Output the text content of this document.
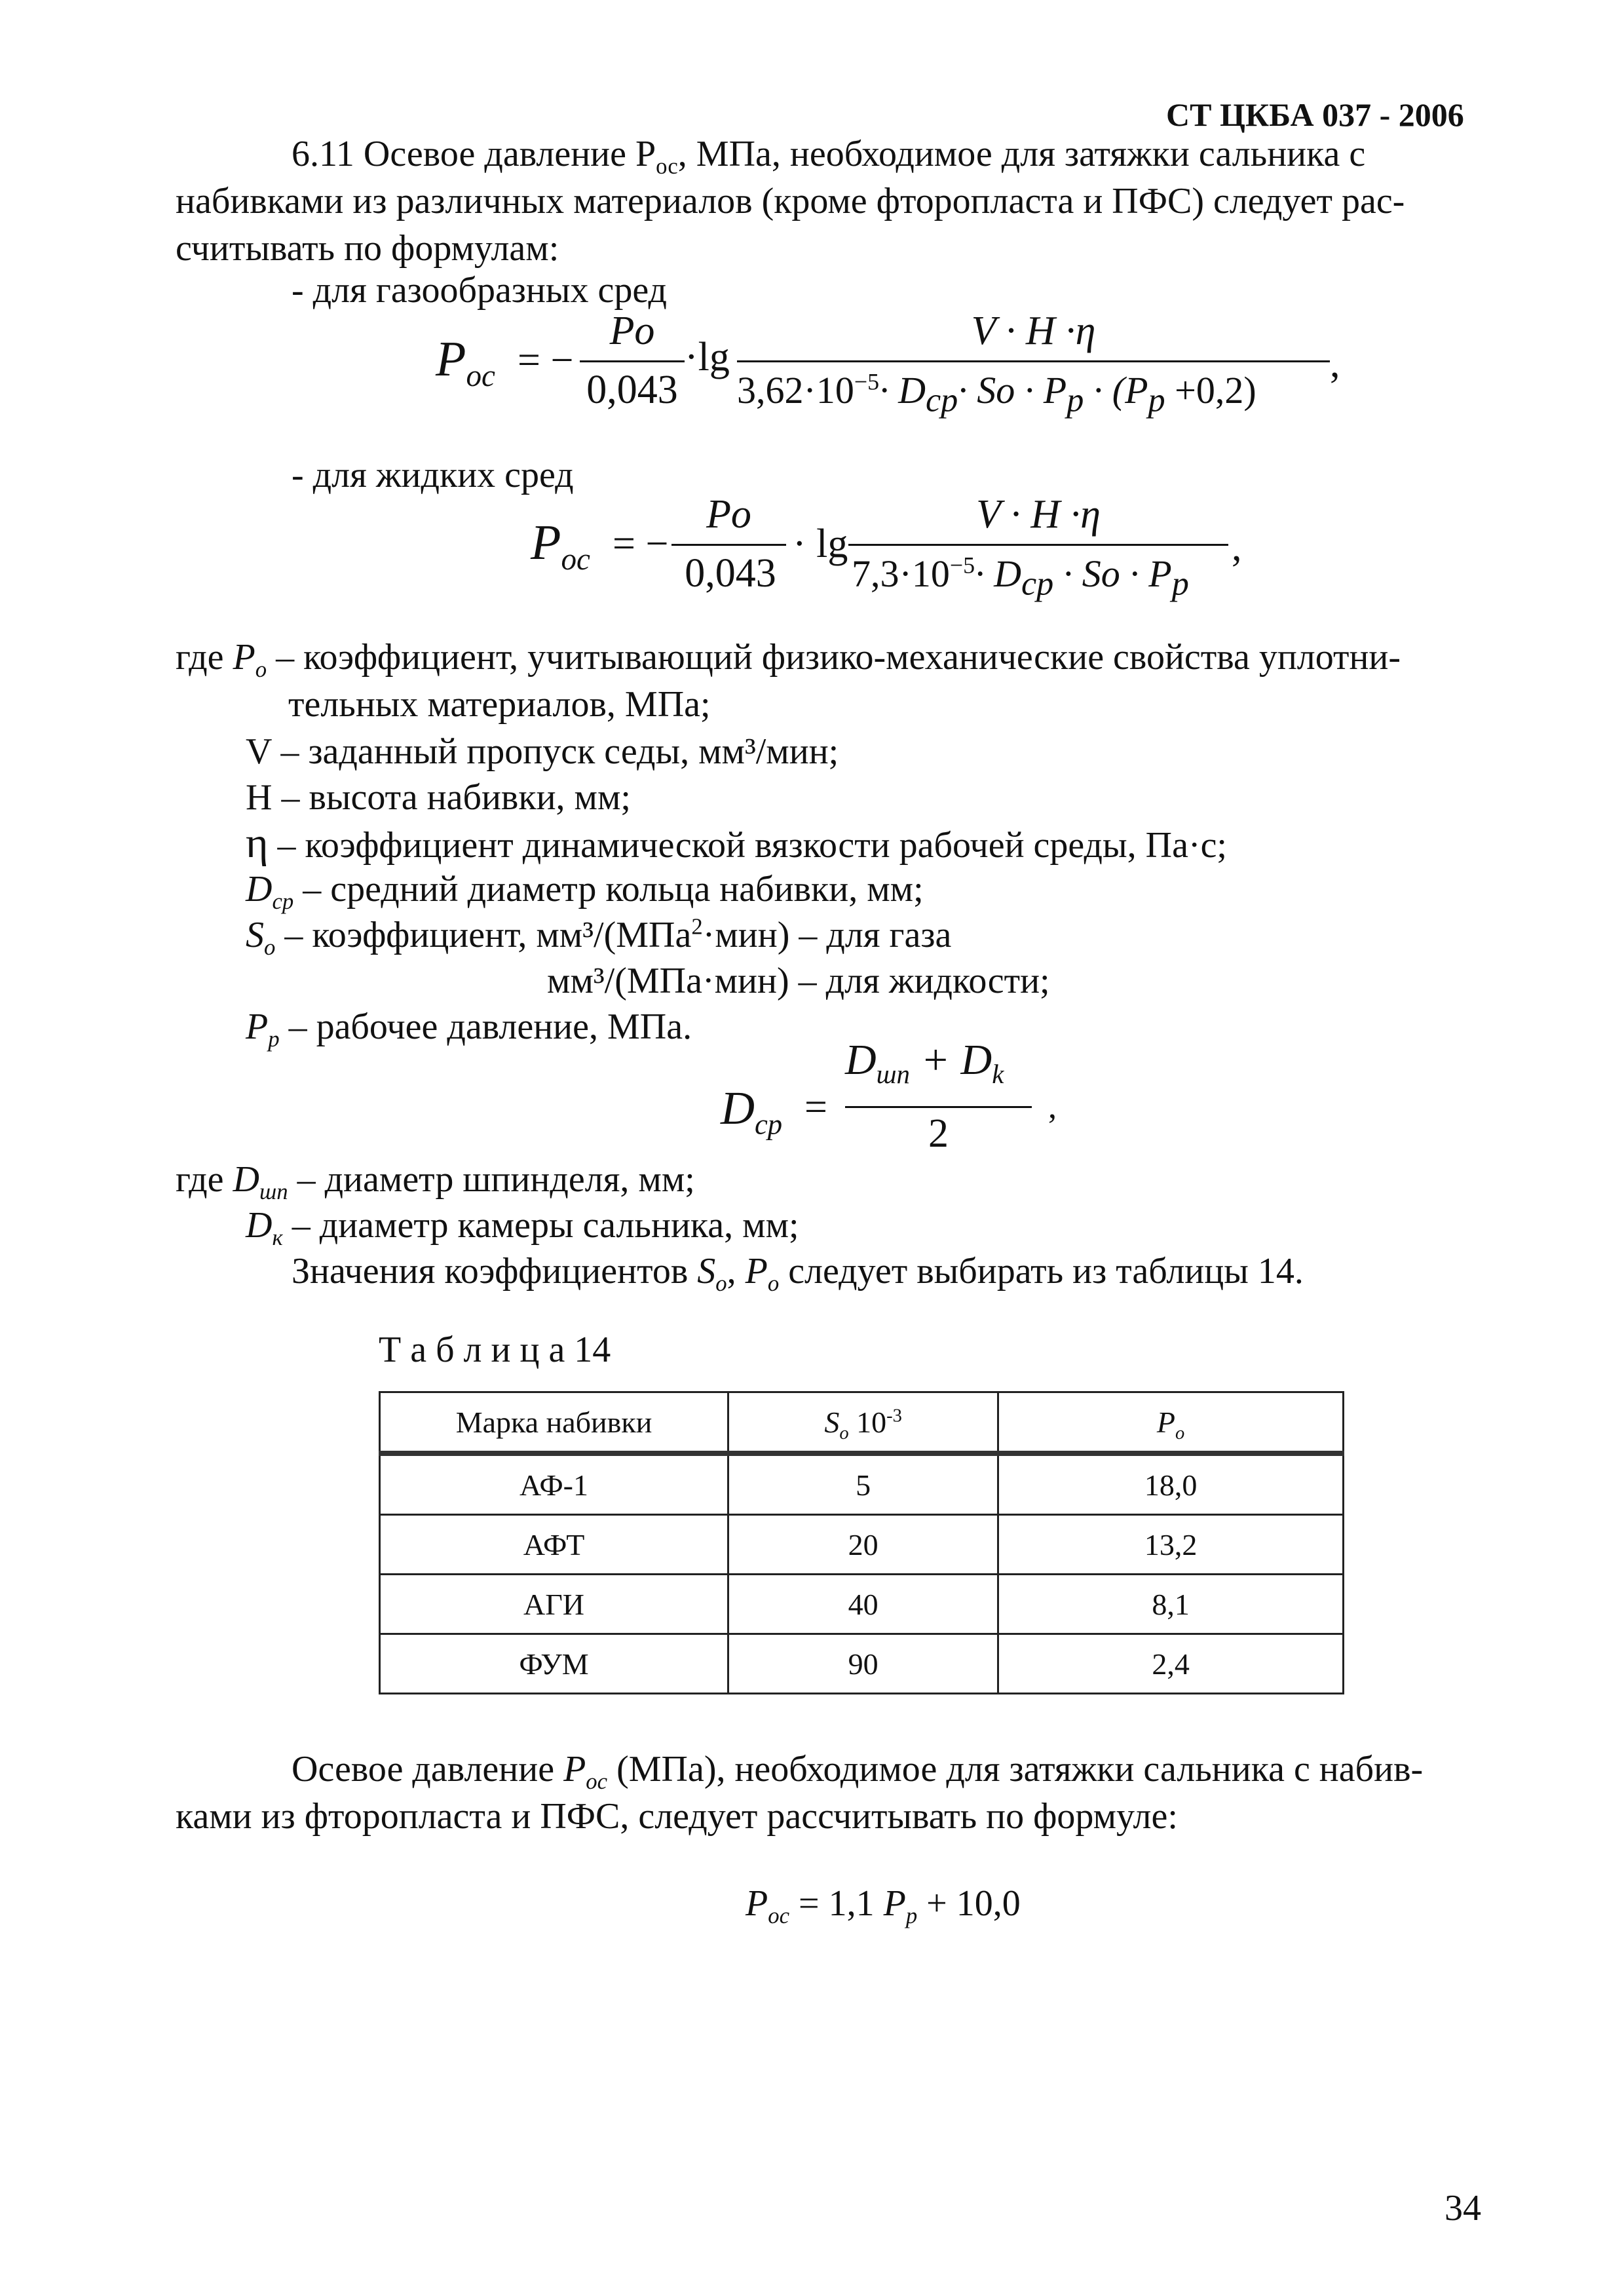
СТ ЦКБА 037 - 2006
6.11 Осевое давление $P_{ос}$, МПа, необходимое для затяжки сальника с
набивками из различных материалов (кроме фторопласта и ПФС) следует рас-
считывать по формулам:
- для газообразных сред
$P_{ос}$ = −
Po
0,043
·lg
V · H ·η
$3,62\cdot 10^{-5}\cdot D_{cp}\cdot So \cdot P_p \cdot (P_p +0,2)$
,
- для жидких сред
$P_{ос}$ = −
Po
0,043
· lg
V · H ·η
$7,3\cdot 10^{-5}\cdot D_{cp} \cdot So \cdot P_p$
,
где $P_o$ – коэффициент, учитывающий физико-механические свойства уплотни-
тельных материалов, МПа;
V – заданный пропуск седы, мм³/мин;
H – высота набивки, мм;
η – коэффициент динамической вязкости рабочей среды, Па·с;
$D_{cp}$ – средний диаметр кольца набивки, мм;
$S_o$ – коэффициент, мм³/(МПа$^2$·мин) – для газа
мм³/(МПа·мин) – для жидкости;
$P_p$ – рабочее давление, МПа.
$D_{cp}$ =
$D_{шп} + D_k$
2
,
где $D_{шп}$ – диаметр шпинделя, мм;
$D_к$ – диаметр камеры сальника, мм;
Значения коэффициентов $S_o$, $P_o$ следует выбирать из таблицы 14.
Т а б л и ц а 14
Марка набивки	$S_o$ $10^{-3}$	$P_o$
АФ-1	5	18,0
АФТ	20	13,2
АГИ	40	8,1
ФУМ	90	2,4
Осевое давление $P_{ос}$ (МПа), необходимое для затяжки сальника с набив-
ками из фторопласта и ПФС, следует рассчитывать по формуле:
$P_{ос} = 1,1$ $P_p + 10,0$
34
